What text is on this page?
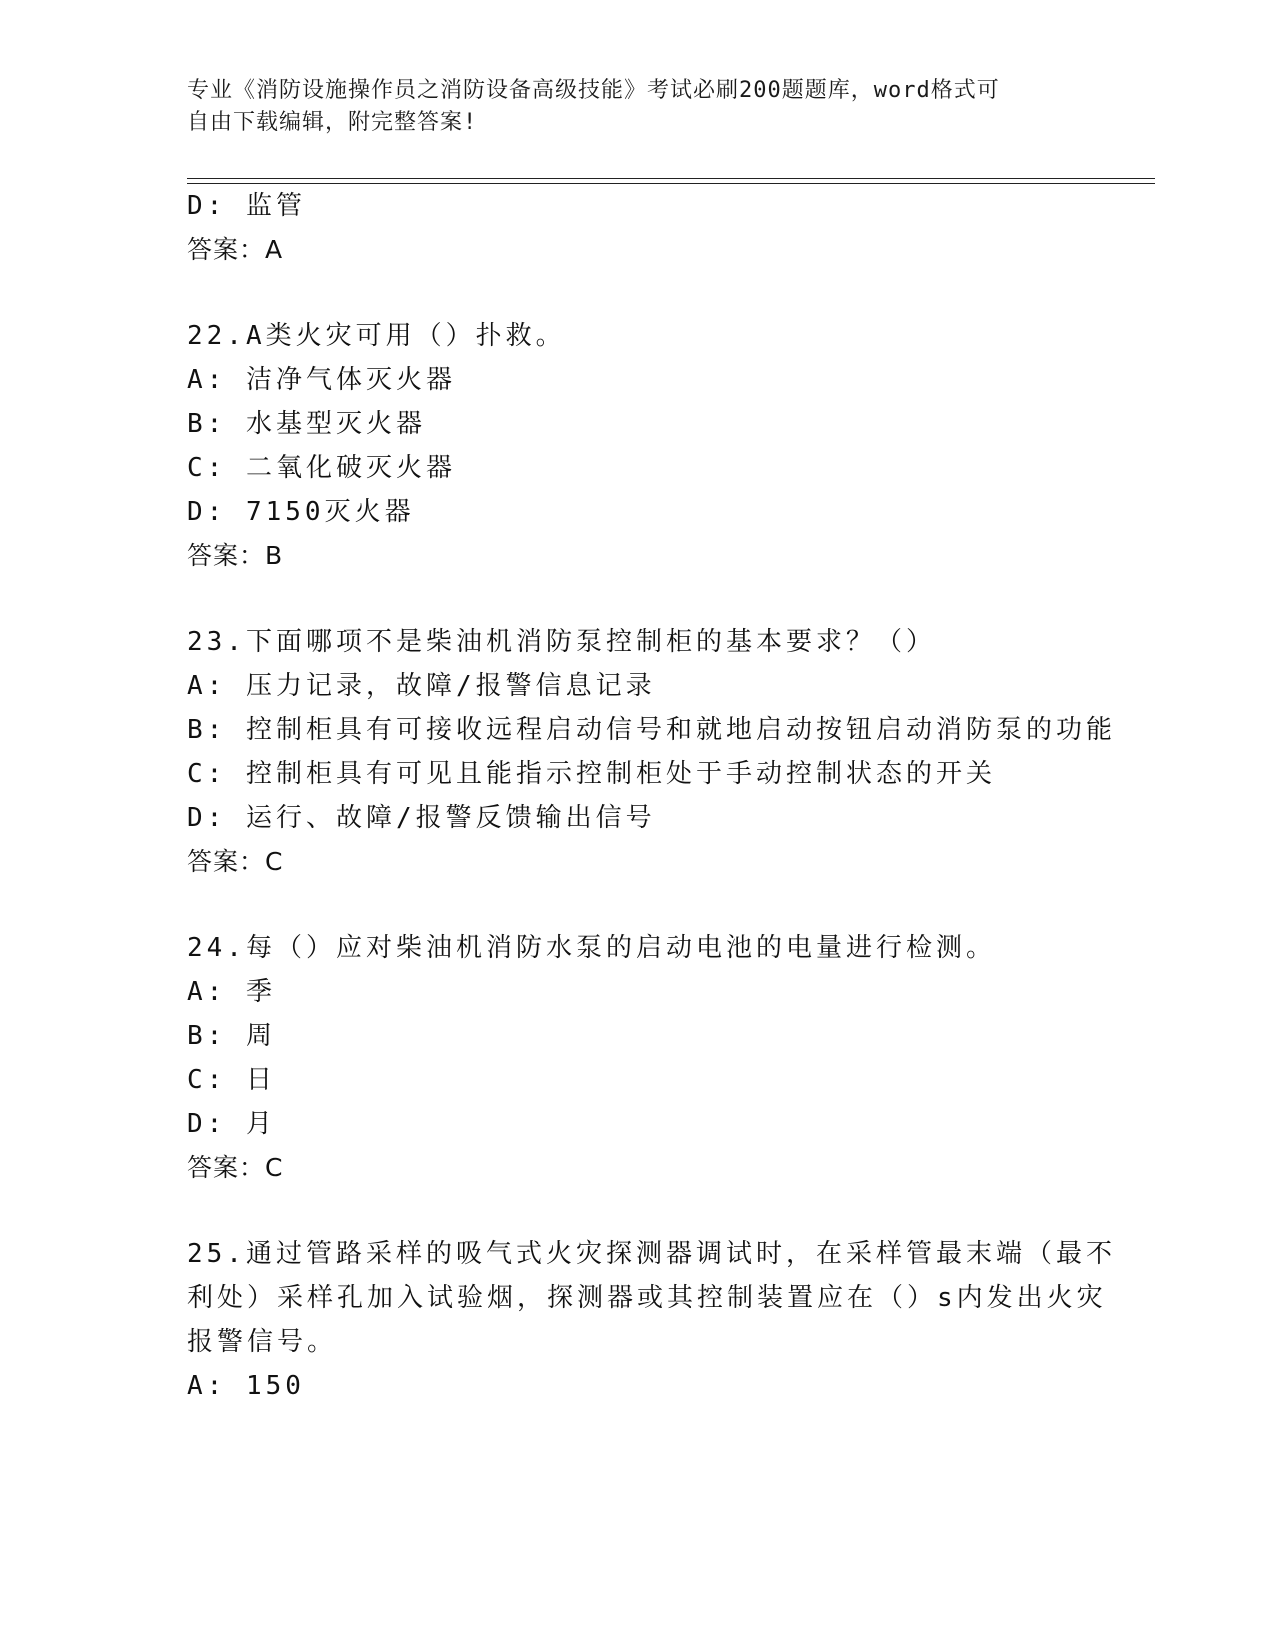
专业《消防设施操作员之消防设备高级技能》考试必刷200题题库，word格式可
自由下载编辑，附完整答案!
D: 监管
答案：A
22.A类火灾可用（）扑救。
A: 洁净气体灭火器
B: 水基型灭火器
C: 二氧化破灭火器
D: 7150灭火器
答案：B
23.下面哪项不是柴油机消防泵控制柜的基本要求？（）
A: 压力记录，故障/报警信息记录
B: 控制柜具有可接收远程启动信号和就地启动按钮启动消防泵的功能
C: 控制柜具有可见且能指示控制柜处于手动控制状态的开关
D: 运行、故障/报警反馈输出信号
答案：C
24.每（）应对柴油机消防水泵的启动电池的电量进行检测。
A: 季
B: 周
C: 日
D: 月
答案：C
25.通过管路采样的吸气式火灾探测器调试时，在采样管最末端（最不
利处）采样孔加入试验烟，探测器或其控制装置应在（）s内发出火灾
报警信号。
A: 150
